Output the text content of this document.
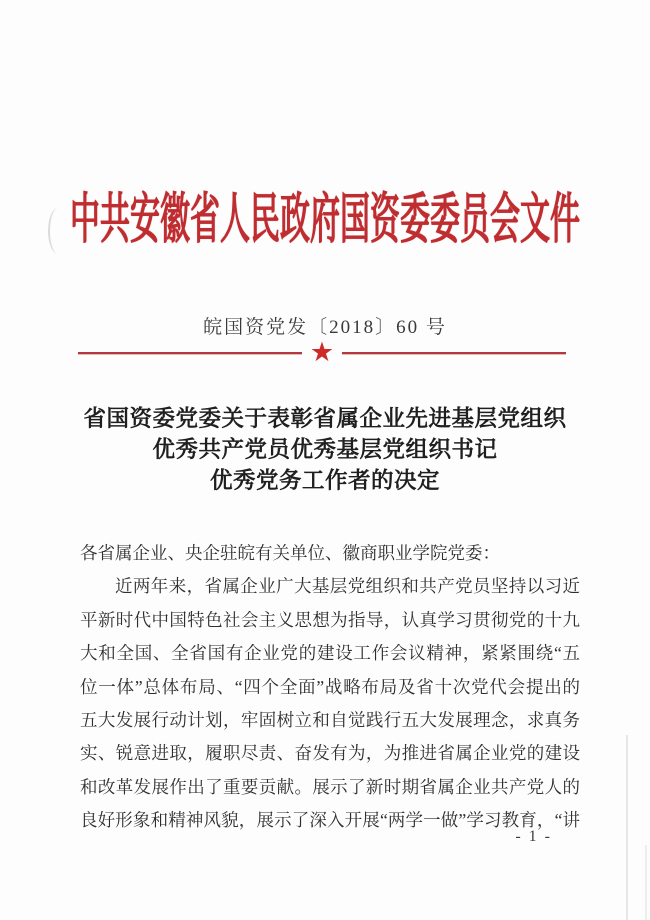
中共安徽省人民政府国资委委员会文件
皖国资党发〔2018〕60 号
★
省国资委党委关于表彰省属企业先进基层党组织
优秀共产党员优秀基层党组织书记
优秀党务工作者的决定
各省属企业、央企驻皖有关单位、徽商职业学院党委：
近两年来，省属企业广大基层党组织和共产党员坚持以习近
平新时代中国特色社会主义思想为指导，认真学习贯彻党的十九
大和全国、全省国有企业党的建设工作会议精神，紧紧围绕“五
位一体”总体布局、“四个全面”战略布局及省十次党代会提出的
五大发展行动计划，牢固树立和自觉践行五大发展理念，求真务
实、锐意进取，履职尽责、奋发有为，为推进省属企业党的建设
和改革发展作出了重要贡献。展示了新时期省属企业共产党人的
良好形象和精神风貌，展示了深入开展“两学一做”学习教育，“讲
- 1 -
